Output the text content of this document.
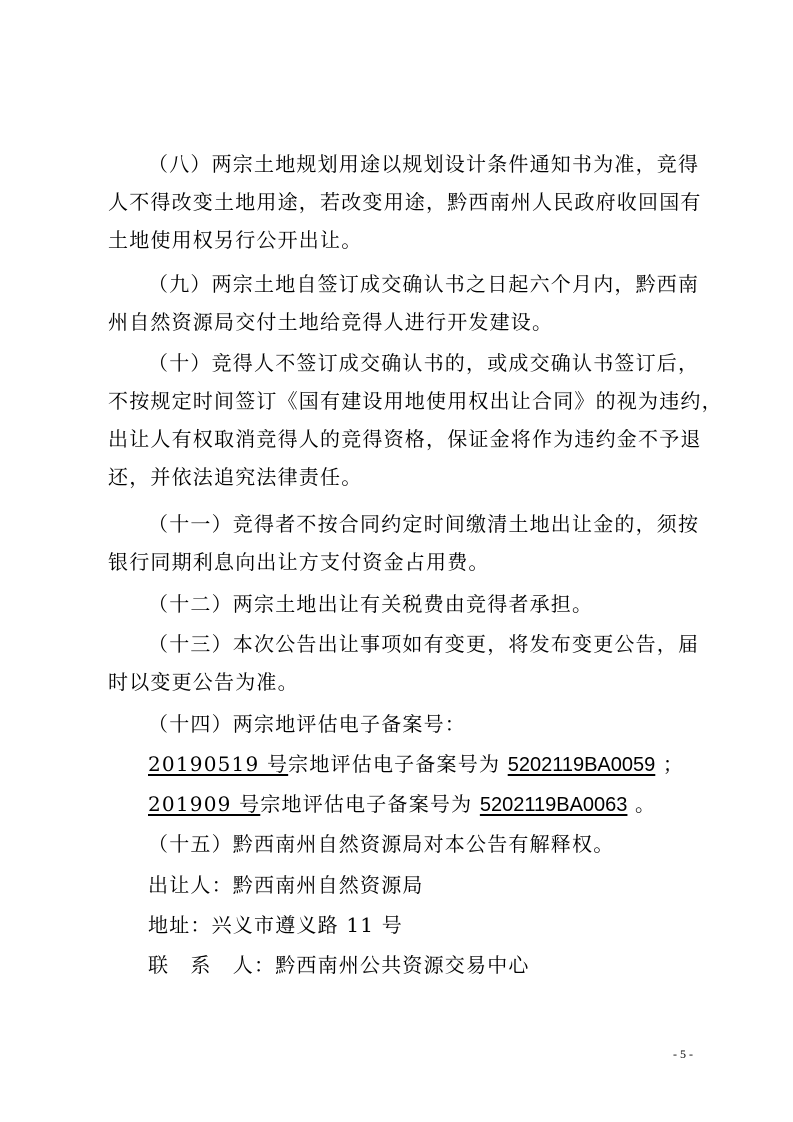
（八）两宗土地规划用途以规划设计条件通知书为准，竞得
人不得改变土地用途，若改变用途，黔西南州人民政府收回国有
土地使用权另行公开出让。

（九）两宗土地自签订成交确认书之日起六个月内，黔西南
州自然资源局交付土地给竞得人进行开发建设。

（十）竞得人不签订成交确认书的，或成交确认书签订后，
不按规定时间签订《国有建设用地使用权出让合同》的视为违约，
出让人有权取消竞得人的竞得资格，保证金将作为违约金不予退
还，并依法追究法律责任。

（十一）竞得者不按合同约定时间缴清土地出让金的，须按
银行同期利息向出让方支付资金占用费。

（十二）两宗土地出让有关税费由竞得者承担。

（十三）本次公告出让事项如有变更，将发布变更公告，届
时以变更公告为准。

（十四）两宗地评估电子备案号：

20190519 号宗地评估电子备案号为 5202119BA0059 ；

201909 号宗地评估电子备案号为 5202119BA0063 。

（十五）黔西南州自然资源局对本公告有解释权。

出让人：黔西南州自然资源局

地址：兴义市遵义路 11 号

联　系　人：黔西南州公共资源交易中心

- 5 -
